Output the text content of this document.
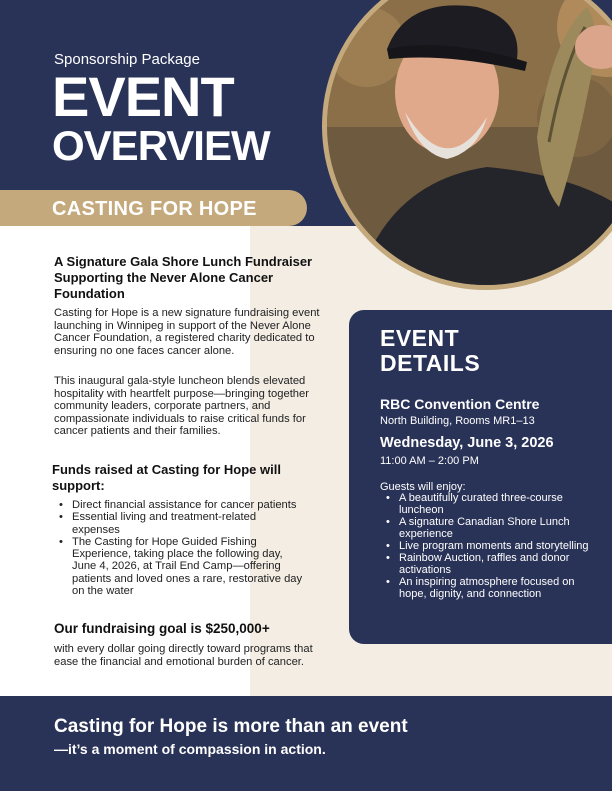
Sponsorship Package
EVENT
OVERVIEW
CASTING FOR HOPE
A Signature Gala Shore Lunch Fundraiser Supporting the Never Alone Cancer Foundation
Casting for Hope is a new signature fundraising event launching in Winnipeg in support of the Never Alone Cancer Foundation, a registered charity dedicated to ensuring no one faces cancer alone.
This inaugural gala-style luncheon blends elevated hospitality with heartfelt purpose—bringing together community leaders, corporate partners, and compassionate individuals to raise critical funds for cancer patients and their families.
Funds raised at Casting for Hope will support:
• Direct financial assistance for cancer patients
• Essential living and treatment-related expenses
• The Casting for Hope Guided Fishing Experience, taking place the following day, June 4, 2026, at Trail End Camp—offering patients and loved ones a rare, restorative day on the water
Our fundraising goal is $250,000+
with every dollar going directly toward programs that ease the financial and emotional burden of cancer.
EVENT
DETAILS
RBC Convention Centre
North Building, Rooms MR1–13
Wednesday, June 3, 2026
11:00 AM – 2:00 PM
Guests will enjoy:
• A beautifully curated three-course luncheon
• A signature Canadian Shore Lunch experience
• Live program moments and storytelling
• Rainbow Auction, raffles and donor activations
• An inspiring atmosphere focused on hope, dignity, and connection
Casting for Hope is more than an event
—it’s a moment of compassion in action.
